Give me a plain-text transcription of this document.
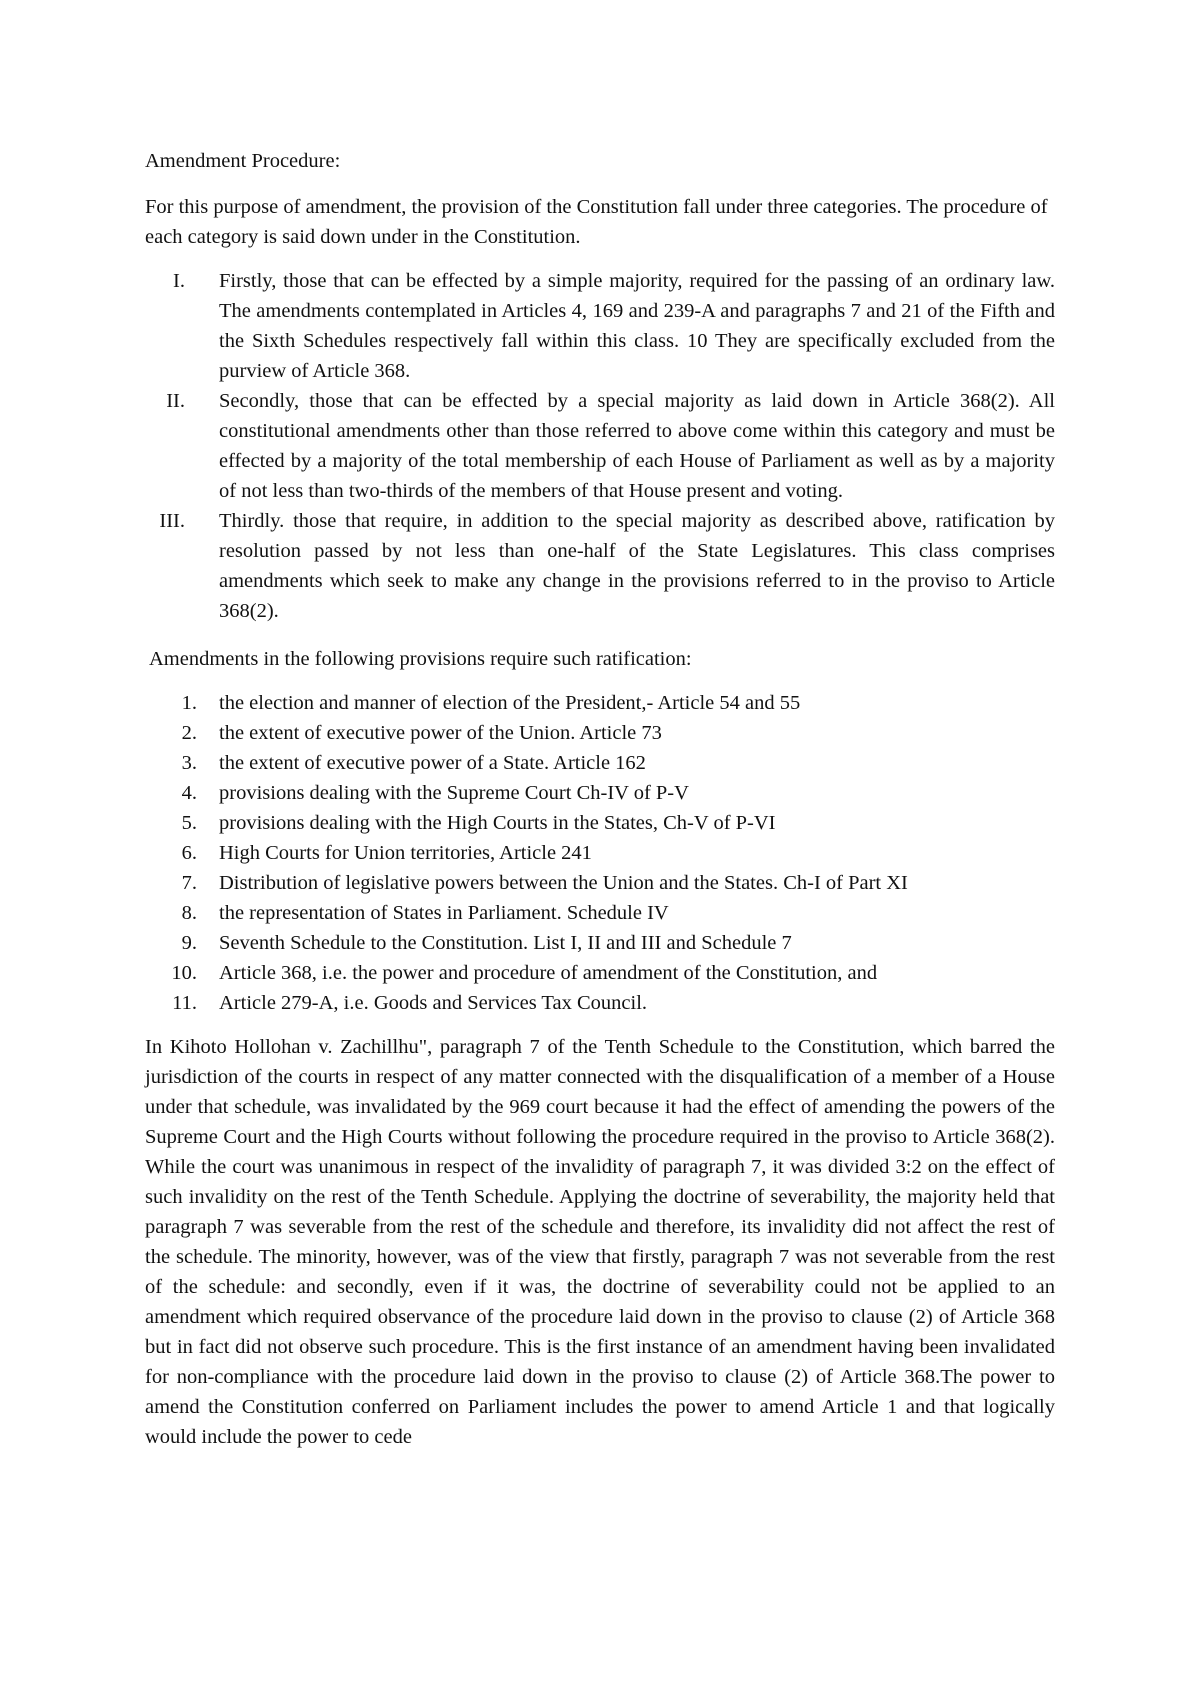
Amendment Procedure:

For this purpose of amendment, the provision of the Constitution fall under three categories. The procedure of each category is said down under in the Constitution.

I. Firstly, those that can be effected by a simple majority, required for the passing of an ordinary law. The amendments contemplated in Articles 4, 169 and 239-A and paragraphs 7 and 21 of the Fifth and the Sixth Schedules respectively fall within this class. 10 They are specifically excluded from the purview of Article 368.
II. Secondly, those that can be effected by a special majority as laid down in Article 368(2). All constitutional amendments other than those referred to above come within this category and must be effected by a majority of the total membership of each House of Parliament as well as by a majority of not less than two-thirds of the members of that House present and voting.
III. Thirdly. those that require, in addition to the special majority as described above, ratification by resolution passed by not less than one-half of the State Legislatures. This class comprises amendments which seek to make any change in the provisions referred to in the proviso to Article 368(2).

Amendments in the following provisions require such ratification:

1. the election and manner of election of the President,- Article 54 and 55
2. the extent of executive power of the Union. Article 73
3. the extent of executive power of a State. Article 162
4. provisions dealing with the Supreme Court Ch-IV of P-V
5. provisions dealing with the High Courts in the States, Ch-V of P-VI
6. High Courts for Union territories, Article 241
7. Distribution of legislative powers between the Union and the States. Ch-I of Part XI
8. the representation of States in Parliament. Schedule IV
9. Seventh Schedule to the Constitution. List I, II and III and Schedule 7
10. Article 368, i.e. the power and procedure of amendment of the Constitution, and
11. Article 279-A, i.e. Goods and Services Tax Council.

In Kihoto Hollohan v. Zachillhu", paragraph 7 of the Tenth Schedule to the Constitution, which barred the jurisdiction of the courts in respect of any matter connected with the disqualification of a member of a House under that schedule, was invalidated by the 969 court because it had the effect of amending the powers of the Supreme Court and the High Courts without following the procedure required in the proviso to Article 368(2). While the court was unanimous in respect of the invalidity of paragraph 7, it was divided 3:2 on the effect of such invalidity on the rest of the Tenth Schedule. Applying the doctrine of severability, the majority held that paragraph 7 was severable from the rest of the schedule and therefore, its invalidity did not affect the rest of the schedule. The minority, however, was of the view that firstly, paragraph 7 was not severable from the rest of the schedule: and secondly, even if it was, the doctrine of severability could not be applied to an amendment which required observance of the procedure laid down in the proviso to clause (2) of Article 368 but in fact did not observe such procedure. This is the first instance of an amendment having been invalidated for non-compliance with the procedure laid down in the proviso to clause (2) of Article 368.The power to amend the Constitution conferred on Parliament includes the power to amend Article 1 and that logically would include the power to cede
